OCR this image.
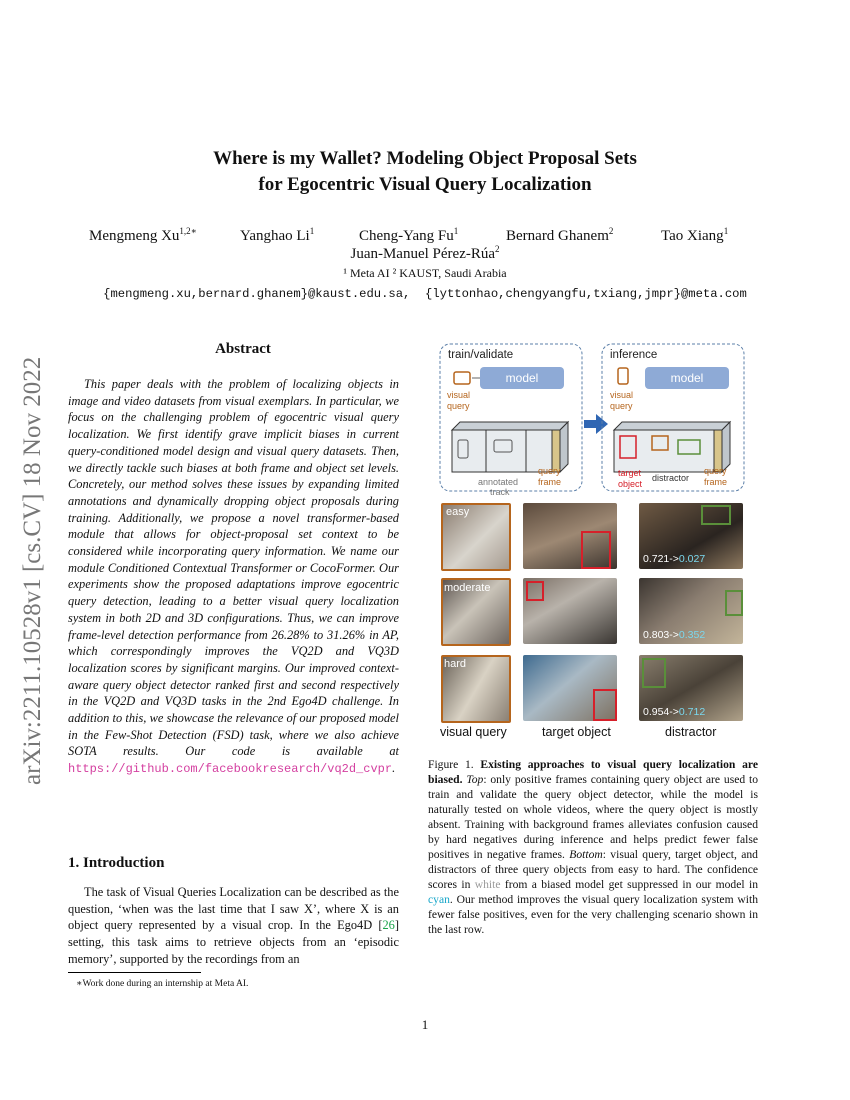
Where is my Wallet? Modeling Object Proposal Sets
for Egocentric Visual Query Localization
Mengmeng $Xu^{1,2∗}$	Yanghao Li$^1$	Cheng-Yang Fu$^1$	Bernard Ghanem$^2$	Tao Xiang$^1$
Juan-Manuel Pérez-Rúa$^2$
¹ Meta AI ² KAUST, Saudi Arabia
{mengmeng.xu,bernard.ghanem}@kaust.edu.sa, {lyttonhao,chengyangfu,txiang,jmpr}@meta.com
arXiv:2211.10528v1 [cs.CV] 18 Nov 2022
Abstract
This paper deals with the problem of localizing objects in image and video datasets from visual exemplars. In particular, we focus on the challenging problem of egocentric visual query localization. We first identify grave implicit biases in current query-conditioned model design and visual query datasets. Then, we directly tackle such biases at both frame and object set levels. Concretely, our method solves these issues by expanding limited annotations and dynamically dropping object proposals during training. Additionally, we propose a novel transformer-based module that allows for object-proposal set context to be considered while incorporating query information. We name our module Conditioned Contextual Transformer or CocoFormer. Our experiments show the proposed adaptations improve egocentric query detection, leading to a better visual query localization system in both 2D and 3D configurations. Thus, we can improve frame-level detection performance from 26.28% to 31.26% in AP, which correspondingly improves the VQ2D and VQ3D localization scores by significant margins. Our improved context-aware query object detector ranked first and second respectively in the VQ2D and VQ3D tasks in the 2nd Ego4D challenge. In addition to this, we showcase the relevance of our proposed model in the Few-Shot Detection (FSD) task, where we also achieve SOTA results. Our code is available at https://github.com/facebookresearch/vq2d_cvpr.
1. Introduction
The task of Visual Queries Localization can be described as the question, ‘when was the last time that I saw X’, where X is an object query represented by a visual crop. In the Ego4D [26] setting, this task aims to retrieve objects from an ‘episodic memory’, supported by the recordings from an
∗Work done during an internship at Meta AI.
1
train/validate
model
visual
query
annotated
track
query
frame
inference
model
visual
query
target
object
distractor
query
frame
easy
0.721->0.027
moderate
0.803->0.352
hard
0.954->0.712
visual query	target object	distractor
Figure 1. Existing approaches to visual query localization are biased. Top: only positive frames containing query object are used to train and validate the query object detector, while the model is naturally tested on whole videos, where the query object is mostly absent. Training with background frames alleviates confusion caused by hard negatives during inference and helps predict fewer false positives in negative frames. Bottom: visual query, target object, and distractors of three query objects from easy to hard. The confidence scores in white from a biased model get suppressed in our model in cyan. Our method improves the visual query localization system with fewer false positives, even for the very challenging scenario shown in the last row.
